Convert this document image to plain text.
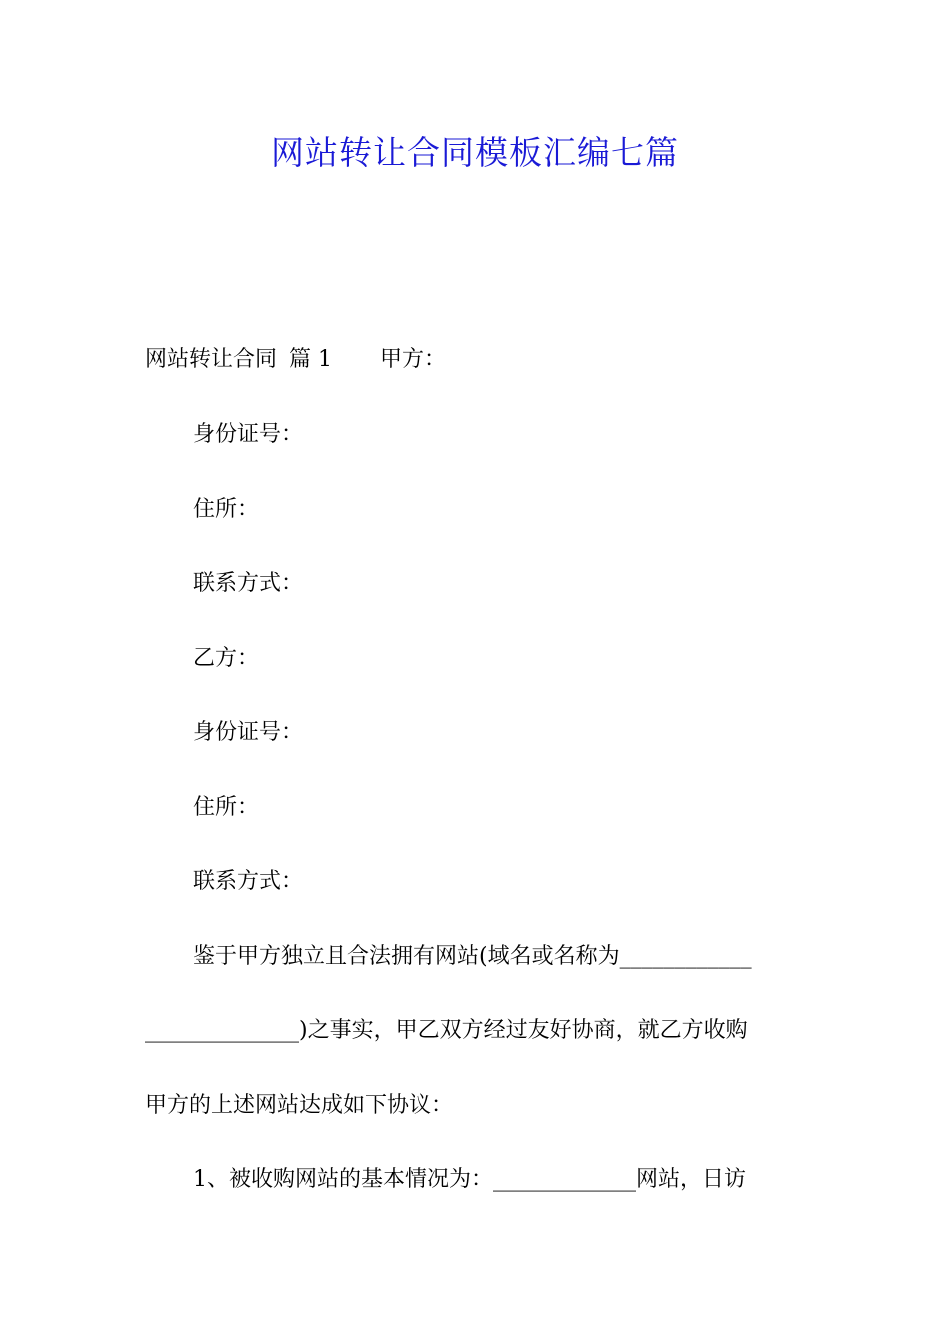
网站转让合同模板汇编七篇
网站转让合同 篇 1 甲方：
身份证号：
住所：
联系方式：
乙方：
身份证号：
住所：
联系方式：
鉴于甲方独立且合法拥有网站(域名或名称为____________
______________)之事实，甲乙双方经过友好协商，就乙方收购
甲方的上述网站达成如下协议：
1、被收购网站的基本情况为：_____________网站，日访
